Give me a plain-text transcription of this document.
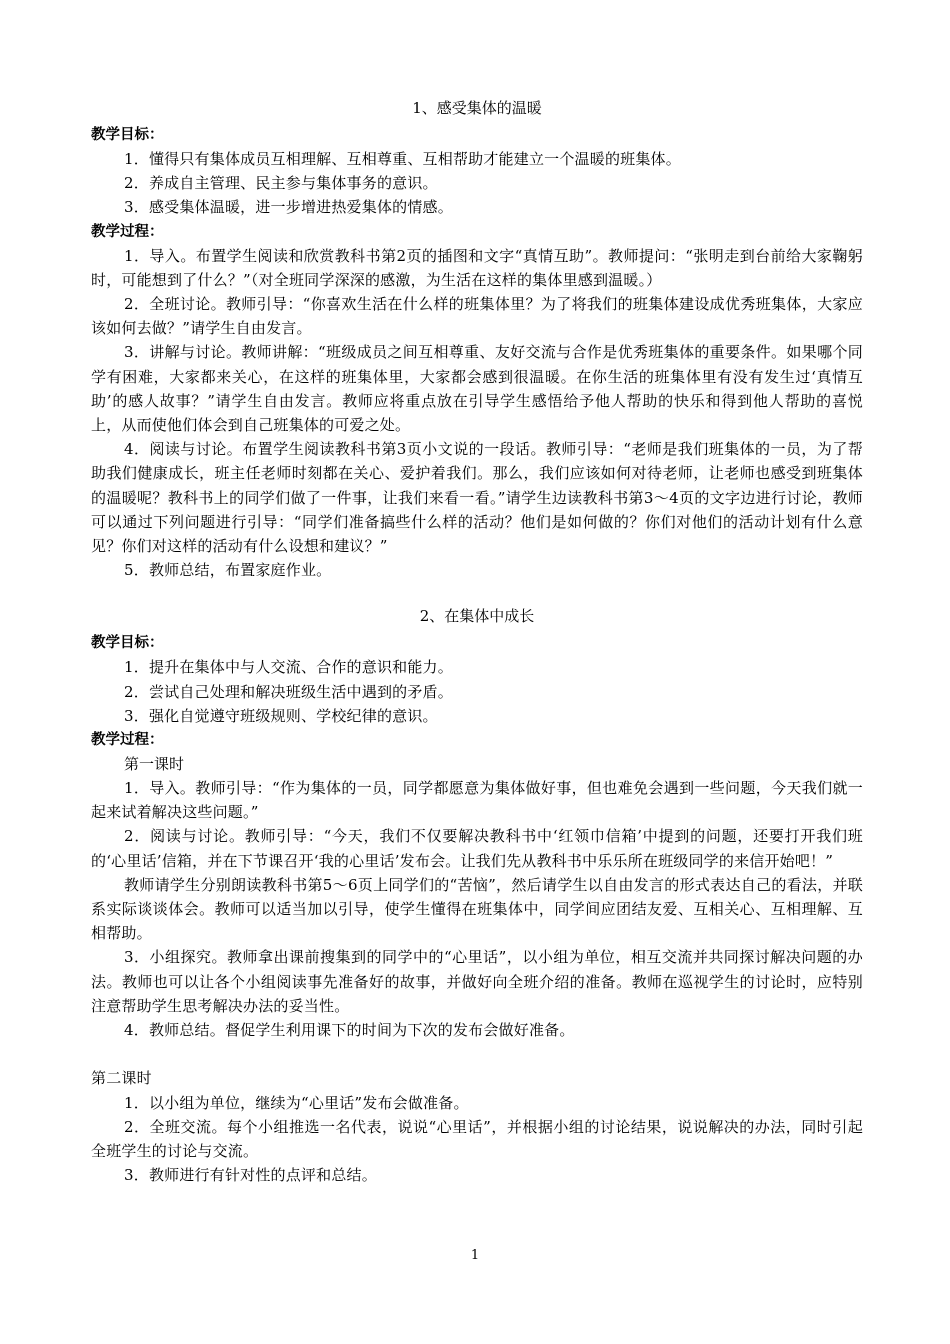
1、感受集体的温暖

教学目标：

1．懂得只有集体成员互相理解、互相尊重、互相帮助才能建立一个温暖的班集体。

2．养成自主管理、民主参与集体事务的意识。

3．感受集体温暖，进一步增进热爱集体的情感。

教学过程：

1．导入。布置学生阅读和欣赏教科书第2页的插图和文字“真情互助”。教师提问：“张明走到台前给大家鞠躬时，可能想到了什么？”（对全班同学深深的感激，为生活在这样的集体里感到温暖。）

2．全班讨论。教师引导：“你喜欢生活在什么样的班集体里？为了将我们的班集体建设成优秀班集体，大家应该如何去做？”请学生自由发言。

3．讲解与讨论。教师讲解：“班级成员之间互相尊重、友好交流与合作是优秀班集体的重要条件。如果哪个同学有困难，大家都来关心，在这样的班集体里，大家都会感到很温暖。在你生活的班集体里有没有发生过‘真情互助’的感人故事？”请学生自由发言。教师应将重点放在引导学生感悟给予他人帮助的快乐和得到他人帮助的喜悦上，从而使他们体会到自己班集体的可爱之处。

4．阅读与讨论。布置学生阅读教科书第3页小文说的一段话。教师引导：“老师是我们班集体的一员，为了帮助我们健康成长，班主任老师时刻都在关心、爱护着我们。那么，我们应该如何对待老师，让老师也感受到班集体的温暖呢？教科书上的同学们做了一件事，让我们来看一看。”请学生边读教科书第3～4页的文字边进行讨论，教师可以通过下列问题进行引导：“同学们准备搞些什么样的活动？他们是如何做的？你们对他们的活动计划有什么意见？你们对这样的活动有什么设想和建议？”

5．教师总结，布置家庭作业。

2、在集体中成长

教学目标：

1．提升在集体中与人交流、合作的意识和能力。

2．尝试自己处理和解决班级生活中遇到的矛盾。

3．强化自觉遵守班级规则、学校纪律的意识。

教学过程：

第一课时

1．导入。教师引导：“作为集体的一员，同学都愿意为集体做好事，但也难免会遇到一些问题，今天我们就一起来试着解决这些问题。”

2．阅读与讨论。教师引导：“今天，我们不仅要解决教科书中‘红领巾信箱’中提到的问题，还要打开我们班的‘心里话’信箱，并在下节课召开‘我的心里话’发布会。让我们先从教科书中乐乐所在班级同学的来信开始吧！”

教师请学生分别朗读教科书第5～6页上同学们的“苦恼”，然后请学生以自由发言的形式表达自己的看法，并联系实际谈谈体会。教师可以适当加以引导，使学生懂得在班集体中，同学间应团结友爱、互相关心、互相理解、互相帮助。

3．小组探究。教师拿出课前搜集到的同学中的“心里话”，以小组为单位，相互交流并共同探讨解决问题的办法。教师也可以让各个小组阅读事先准备好的故事，并做好向全班介绍的准备。教师在巡视学生的讨论时，应特别注意帮助学生思考解决办法的妥当性。

4．教师总结。督促学生利用课下的时间为下次的发布会做好准备。

第二课时

1．以小组为单位，继续为“心里话”发布会做准备。

2．全班交流。每个小组推选一名代表，说说“心里话”，并根据小组的讨论结果，说说解决的办法，同时引起全班学生的讨论与交流。

3．教师进行有针对性的点评和总结。

1
